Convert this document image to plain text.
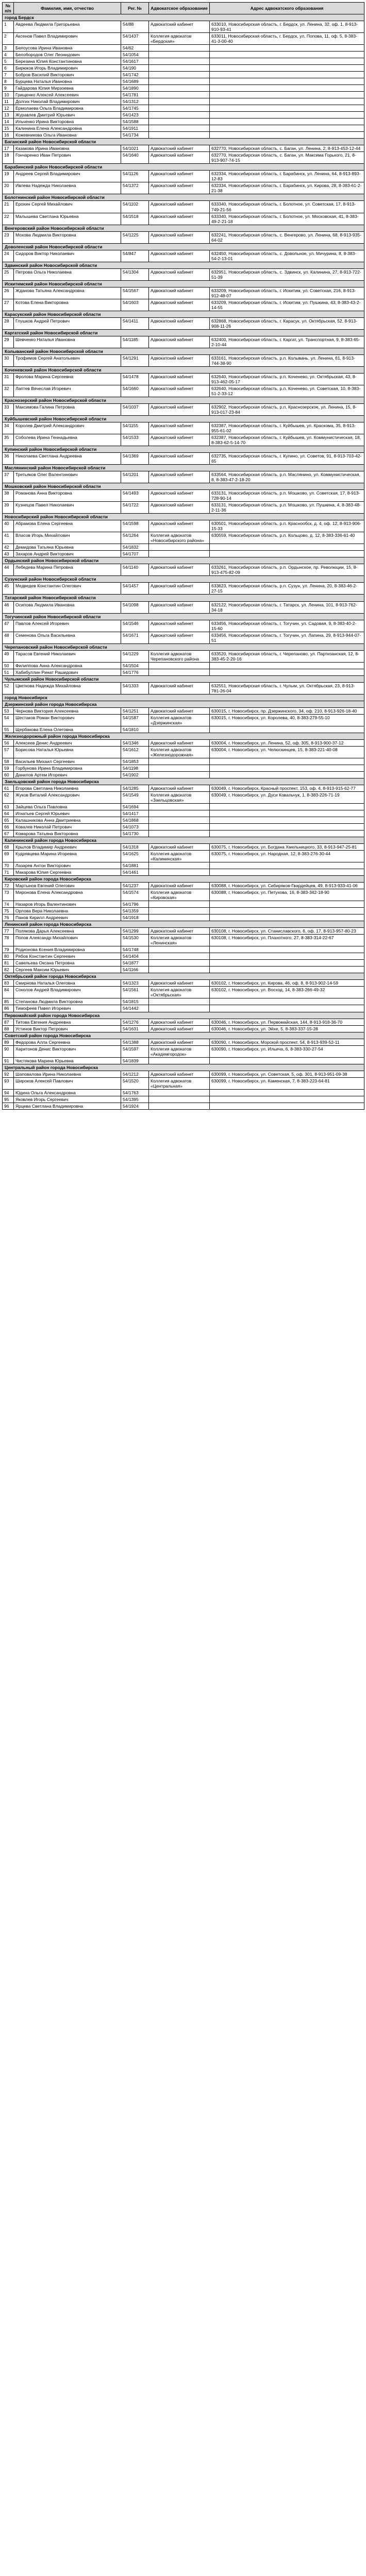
№ п/п	Фамилия, имя, отчество	Рег. №	Адвокатское образование	Адрес адвокатского образования
город Бердск				
1	Авдеева Людмила Григорьевна	54/88	Адвокатский кабинет	633010, Новосибирская область, г. Бердск, ул. Ленина, 32, оф. 1, 8-913-910-93-41
2	Аксенов Павел Владимирович	54/1437	Коллегия адвокатов «Бердская»	633011, Новосибирская область, г. Бердск, ул. Попова, 11, оф. 5, 8-383-41-3-00-40
3	Белоусова Ирина Ивановна	54/62		
4	Белобородов Олег Леонидович	54/1054		
5	Березина Юлия Константиновна	54/1617		
6	Бирюков Игорь Владимирович	54/190		
7	Бобров Василий Викторович	54/1742		
8	Бурцева Наталья Ивановна	54/1689		
9	Гайдарова Юлия Мирзоевна	54/1890		
10	Грищенко Алексей Алексеевич	54/1781		
11	Долгих Николай Владимирович	54/1312		
12	Ермолаева Ольга Владимировна	54/1745		
13	Журавлев Дмитрий Юрьевич	54/1423		
14	Ильченко Ирина Викторовна	54/1588		
15	Калинина Елена Александровна	54/1911		
16	Кожевникова Ольга Ивановна	54/1734		
Баганский район Новосибирской области				
17	Казакова Ирина Ивановна	54/1021	Адвокатский кабинет	632770, Новосибирская область, с. Баган, ул. Ленина, 2, 8-913-453-12-44
18	Гончаренко Иван Петрович	54/1640	Адвокатский кабинет	632770, Новосибирская область, с. Баган, ул. Максима Горького, 21, 8-913-907-74-15
Барабинский район Новосибирской области				
19	Андреев Сергей Владимирович	54/1126	Адвокатский кабинет	632334, Новосибирская область, г. Барабинск, ул. Ленина, 64, 8-913-893-12-83
20	Ивлева Надежда Николаевна	54/1372	Адвокатский кабинет	632334, Новосибирская область, г. Барабинск, ул. Кирова, 28, 8-383-61-2-21-38
Болотнинский район Новосибирской области				
21	Ерохин Сергей Михайлович	54/1102	Адвокатский кабинет	633340, Новосибирская область, г. Болотное, ул. Советская, 17, 8-913-749-21-56
22	Малышева Светлана Юрьевна	54/1518	Адвокатский кабинет	633340, Новосибирская область, г. Болотное, ул. Московская, 41, 8-383-49-2-21-18
Венгеровский район Новосибирской области				
23	Мохова Людмила Викторовна	54/1225	Адвокатский кабинет	632241, Новосибирская область, с. Венгерово, ул. Ленина, 68, 8-913-935-64-02
Доволенский район Новосибирской области				
24	Сидоров Виктор Николаевич	54/847	Адвокатский кабинет	632450, Новосибирская область, с. Довольное, ул. Мичурина, 8, 8-383-54-2-13-01
Здвинский район Новосибирской области				
25	Петрова Ольга Николаевна	54/1304	Адвокатский кабинет	632951, Новосибирская область, с. Здвинск, ул. Калинина, 27, 8-913-722-51-39
Искитимский район Новосибирской области				
26	Жданова Татьяна Александровна	54/1567	Адвокатский кабинет	633209, Новосибирская область, г. Искитим, ул. Советская, 216, 8-913-912-48-07
27	Котова Елена Викторовна	54/1603	Адвокатский кабинет	633209, Новосибирская область, г. Искитим, ул. Пушкина, 43, 8-383-43-2-14-55
Карасукский район Новосибирской области				
28	Глушков Андрей Петрович	54/1411	Адвокатский кабинет	632868, Новосибирская область, г. Карасук, ул. Октябрьская, 52, 8-913-908-11-26
Каргатский район Новосибирской области				
29	Шевченко Наталья Ивановна	54/1185	Адвокатский кабинет	632400, Новосибирская область, г. Каргат, ул. Транспортная, 9, 8-383-65-2-10-44
Колыванский район Новосибирской области				
30	Трофимов Сергей Анатольевич	54/1291	Адвокатский кабинет	633161, Новосибирская область, р.п. Колывань, ул. Ленина, 61, 8-913-744-38-90
Коченевский район Новосибирской области				
31	Фролова Марина Сергеевна	54/1478	Адвокатский кабинет	632640, Новосибирская область, р.п. Коченево, ул. Октябрьская, 43, 8-913-462-05-17
32	Лаптев Вячеслав Игоревич	54/1660	Адвокатский кабинет	632640, Новосибирская область, р.п. Коченево, ул. Советская, 10, 8-383-51-2-33-12
Краснозерский район Новосибирской области				
33	Максимова Галина Петровна	54/1037	Адвокатский кабинет	632902, Новосибирская область, р.п. Краснозерское, ул. Ленина, 15, 8-913-017-23-84
Куйбышевский район Новосибирской области				
34	Королев Дмитрий Александрович	54/1155	Адвокатский кабинет	632387, Новосибирская область, г. Куйбышев, ул. Краскома, 35, 8-913-955-61-02
35	Соболева Ирина Геннадьевна	54/1533	Адвокатский кабинет	632387, Новосибирская область, г. Куйбышев, ул. Коммунистическая, 18, 8-383-62-5-14-70
Купинский район Новосибирской области				
36	Николаева Светлана Андреевна	54/1369	Адвокатский кабинет	632735, Новосибирская область, г. Купино, ул. Советов, 91, 8-913-703-42-65
Маслянинский район Новосибирской области				
37	Третьяков Олег Валентинович	54/1201	Адвокатский кабинет	633564, Новосибирская область, р.п. Маслянино, ул. Коммунистическая, 8, 8-383-47-2-18-20
Мошковский район Новосибирской области				
38	Романова Анна Викторовна	54/1493	Адвокатский кабинет	633131, Новосибирская область, р.п. Мошково, ул. Советская, 17, 8-913-728-90-14
39	Кузнецов Павел Николаевич	54/1722	Адвокатский кабинет	633131, Новосибирская область, р.п. Мошково, ул. Пушкина, 4, 8-383-48-2-11-36
Новосибирский район Новосибирской области				
40	Абрамова Елена Сергеевна	54/1598	Адвокатский кабинет	630501, Новосибирская область, р.п. Краснообск, д. 4, оф. 12, 8-913-906-15-33
41	Власов Игорь Михайлович	54/1264	Коллегия адвокатов «Новосибирского района»	630559, Новосибирская область, р.п. Кольцово, д. 12, 8-383-336-61-40
42	Демидова Татьяна Юрьевна	54/1832		
43	Захаров Андрей Викторович	54/1707		
Ордынский район Новосибирской области				
44	Лебедева Марина Петровна	54/1140	Адвокатский кабинет	633261, Новосибирская область, р.п. Ордынское, пр. Революции, 15, 8-913-475-82-09
Сузунский район Новосибирской области				
45	Медведев Константин Олегович	54/1457	Адвокатский кабинет	633623, Новосибирская область, р.п. Сузун, ул. Ленина, 20, 8-383-46-2-27-15
Татарский район Новосибирской области				
46	Осипова Людмила Ивановна	54/1098	Адвокатский кабинет	632122, Новосибирская область, г. Татарск, ул. Ленина, 101, 8-913-762-34-18
Тогучинский район Новосибирской области				
47	Павлов Алексей Игоревич	54/1546	Адвокатский кабинет	633456, Новосибирская область, г. Тогучин, ул. Садовая, 9, 8-383-40-2-15-60
48	Семенова Ольга Васильевна	54/1671	Адвокатский кабинет	633456, Новосибирская область, г. Тогучин, ул. Лапина, 29, 8-913-944-07-51
Черепановский район Новосибирской области				
49	Тарасов Евгений Николаевич	54/1229	Коллегия адвокатов Черепановского района	633520, Новосибирская область, г. Черепаново, ул. Партизанская, 12, 8-383-45-2-20-16
50	Филиппова Анна Александровна	54/1504		
51	Хабибуллин Ринат Рашидович	54/1776		
Чулымский район Новосибирской области				
52	Цветкова Надежда Михайловна	54/1333	Адвокатский кабинет	632551, Новосибирская область, г. Чулым, ул. Октябрьская, 23, 8-913-781-26-04
город Новосибирск				
Дзержинский район города Новосибирска				
53	Чернова Виктория Алексеевна	54/1251	Адвокатский кабинет	630015, г. Новосибирск, пр. Дзержинского, 34, оф. 210, 8-913-926-18-40
54	Шестаков Роман Викторович	54/1587	Коллегия адвокатов «Дзержинская»	630015, г. Новосибирск, ул. Королева, 40, 8-383-279-55-10
55	Щербакова Елена Олеговна	54/1810		
Железнодорожный район города Новосибирска				
56	Алексеев Денис Андреевич	54/1346	Адвокатский кабинет	630004, г. Новосибирск, ул. Ленина, 52, оф. 305, 8-913-900-37-12
57	Борисова Наталья Юрьевна	54/1612	Коллегия адвокатов «Железнодорожная»	630004, г. Новосибирск, ул. Челюскинцев, 15, 8-383-221-40-08
58	Васильев Михаил Сергеевич	54/1853		
59	Горбунова Ирина Владимировна	54/1198		
60	Данилов Артем Игоревич	54/1902		
Заельцовский район города Новосибирска				
61	Егорова Светлана Николаевна	54/1285	Адвокатский кабинет	630049, г. Новосибирск, Красный проспект, 153, оф. 4, 8-913-915-62-77
62	Жуков Виталий Александрович	54/1549	Коллегия адвокатов «Заельцовская»	630049, г. Новосибирск, ул. Дуси Ковальчук, 1, 8-383-226-71-19
63	Зайцева Ольга Павловна	54/1694		
64	Игнатьев Сергей Юрьевич	54/1417		
65	Калашникова Анна Дмитриевна	54/1868		
66	Ковалев Николай Петрович	54/1073		
67	Комарова Татьяна Викторовна	54/1730		
Калининский район города Новосибирска				
68	Крылов Владимир Андреевич	54/1318	Адвокатский кабинет	630075, г. Новосибирск, ул. Богдана Хмельницкого, 33, 8-913-947-25-81
69	Кудрявцева Марина Игоревна	54/1625	Коллегия адвокатов «Калининская»	630075, г. Новосибирск, ул. Народная, 12, 8-383-276-30-44
70	Лазарев Антон Викторович	54/1881		
71	Макарова Юлия Сергеевна	54/1461		
Кировский район города Новосибирска				
72	Мартынов Евгений Олегович	54/1237	Адвокатский кабинет	630088, г. Новосибирск, ул. Сибиряков-Гвардейцев, 49, 8-913-933-41-06
73	Миронова Елена Александровна	54/1574	Коллегия адвокатов «Кировская»	630088, г. Новосибирск, ул. Петухова, 16, 8-383-342-18-90
74	Назаров Игорь Валентинович	54/1796		
75	Орлова Вера Николаевна	54/1359		
76	Панов Кирилл Андреевич	54/1918		
Ленинский район города Новосибирска				
77	Полякова Дарья Алексеевна	54/1299	Адвокатский кабинет	630108, г. Новосибирск, ул. Станиславского, 6, оф. 17, 8-913-957-80-23
78	Попов Александр Михайлович	54/1530	Коллегия адвокатов «Ленинская»	630108, г. Новосибирск, ул. Плахотного, 27, 8-383-314-22-67
79	Родионова Ксения Владимировна	54/1748		
80	Рябов Константин Сергеевич	54/1404		
81	Савельева Оксана Петровна	54/1877		
82	Сергеев Максим Юрьевич	54/1166		
Октябрьский район города Новосибирска				
83	Смирнова Наталья Олеговна	54/1323	Адвокатский кабинет	630102, г. Новосибирск, ул. Кирова, 46, оф. 8, 8-913-902-14-59
84	Соколов Андрей Владимирович	54/1561	Коллегия адвокатов «Октябрьская»	630102, г. Новосибирск, ул. Восход, 14, 8-383-266-49-32
85	Степанова Людмила Викторовна	54/1815		
86	Тимофеев Павел Игоревич	54/1442		
Первомайский район города Новосибирска				
87	Титова Евгения Андреевна	54/1276	Адвокатский кабинет	630046, г. Новосибирск, ул. Первомайская, 144, 8-913-918-36-70
88	Устинов Виктор Петрович	54/1631	Адвокатский кабинет	630046, г. Новосибирск, ул. Эйхе, 5, 8-383-337-15-28
Советский район города Новосибирска				
89	Федорова Алла Сергеевна	54/1388	Адвокатский кабинет	630090, г. Новосибирск, Морской проспект, 54, 8-913-939-52-11
90	Харитонов Денис Викторович	54/1597	Коллегия адвокатов «Академгородок»	630090, г. Новосибирск, ул. Ильича, 6, 8-383-330-27-54
91	Чистякова Марина Юрьевна	54/1839		
Центральный район города Новосибирска				
92	Шаповалова Ирина Николаевна	54/1212	Адвокатский кабинет	630099, г. Новосибирск, ул. Советская, 5, оф. 301, 8-913-951-09-38
93	Широков Алексей Павлович	54/1520	Коллегия адвокатов «Центральная»	630099, г. Новосибирск, ул. Каменская, 7, 8-383-223-64-81
94	Юдина Ольга Александровна	54/1763		
95	Яковлев Игорь Сергеевич	54/1395		
96	Ярцева Светлана Владимировна	54/1924		
